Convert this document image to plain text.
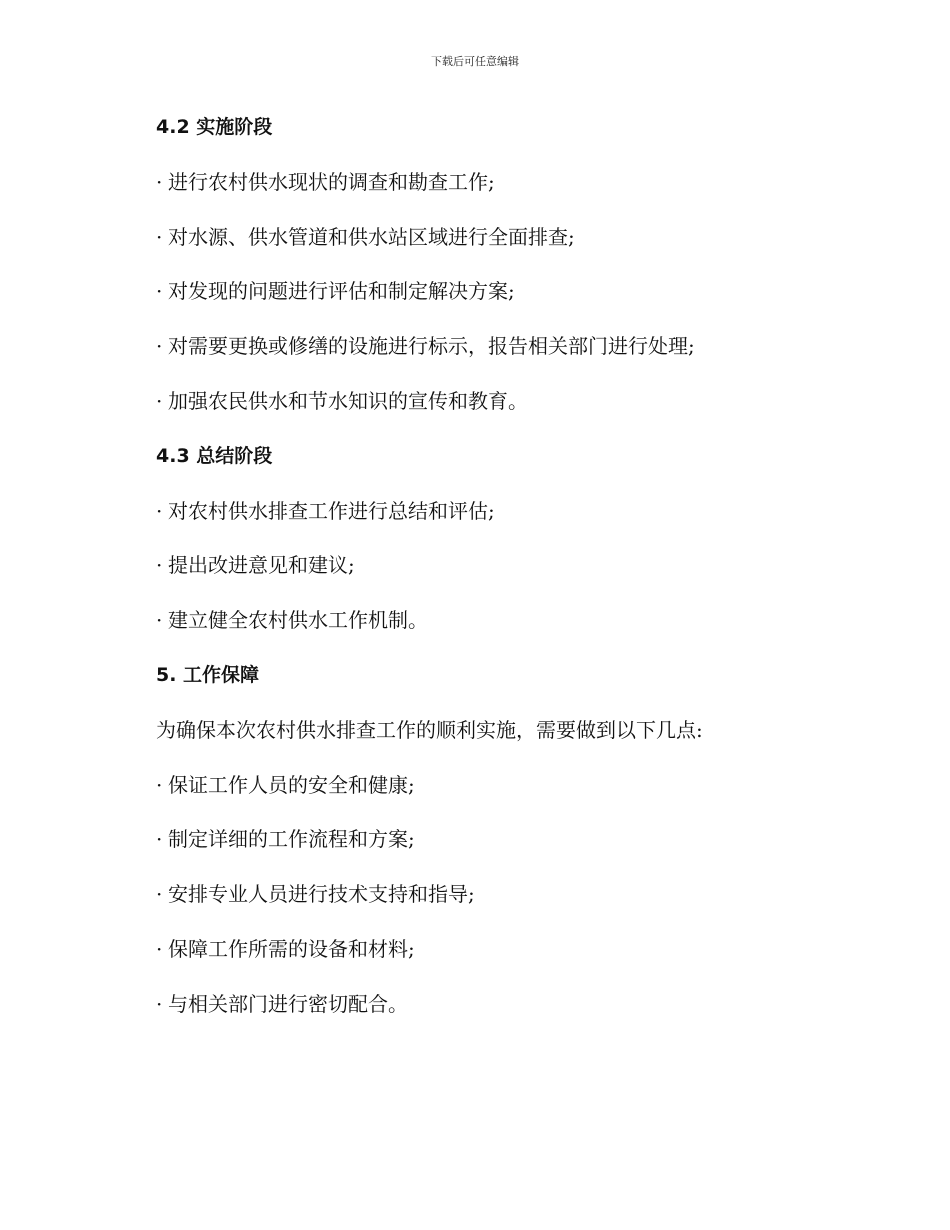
下载后可任意编辑
4.2 实施阶段
· 进行农村供水现状的调查和勘查工作;
· 对水源、供水管道和供水站区域进行全面排查;
· 对发现的问题进行评估和制定解决方案;
· 对需要更换或修缮的设施进行标示，报告相关部门进行处理;
· 加强农民供水和节水知识的宣传和教育。
4.3 总结阶段
· 对农村供水排查工作进行总结和评估;
· 提出改进意见和建议;
· 建立健全农村供水工作机制。
5. 工作保障
为确保本次农村供水排查工作的顺利实施，需要做到以下几点:
· 保证工作人员的安全和健康;
· 制定详细的工作流程和方案;
· 安排专业人员进行技术支持和指导;
· 保障工作所需的设备和材料;
· 与相关部门进行密切配合。
